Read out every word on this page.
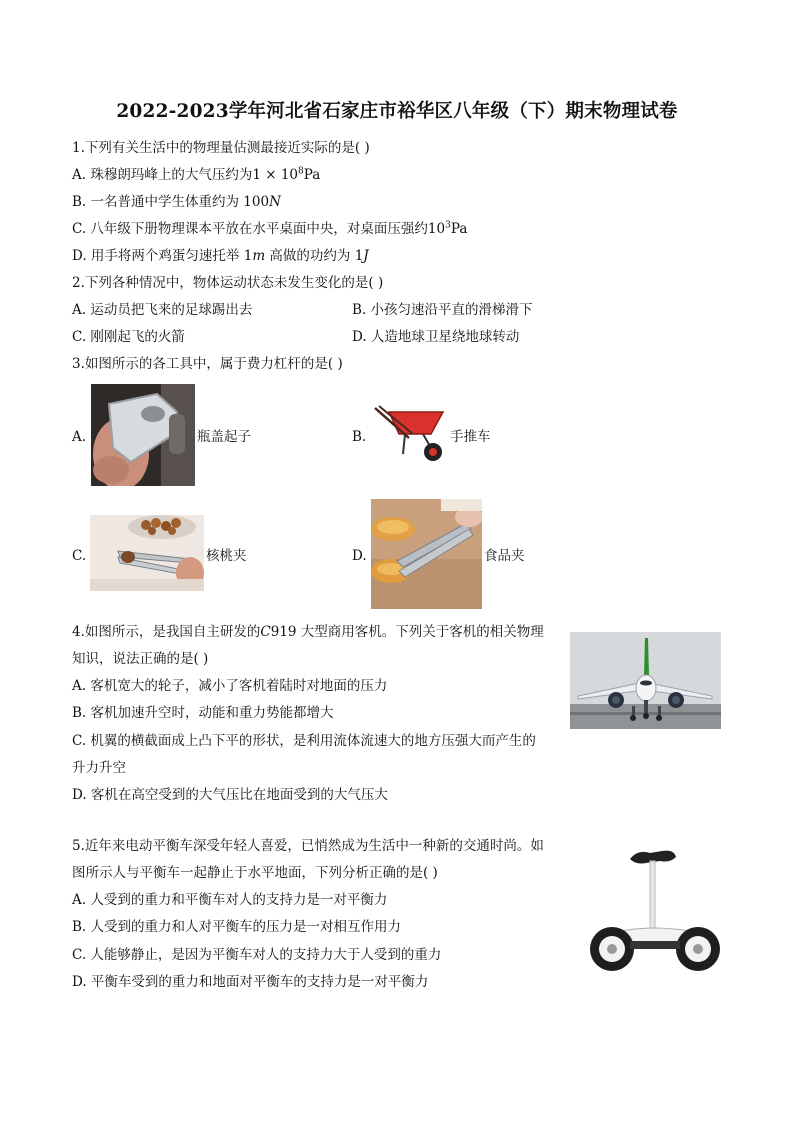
2022-2023学年河北省石家庄市裕华区八年级（下）期末物理试卷
1.下列有关生活中的物理量估测最接近实际的是( )
A. 珠穆朗玛峰上的大气压约为$1 \times 10^8Pa$
B. 一名普通中学生体重约为 100N
C. 八年级下册物理课本平放在水平桌面中央，对桌面压强约$10^3Pa$
D. 用手将两个鸡蛋匀速托举 1m 高做的功约为 1J
2.下列各种情况中，物体运动状态未发生变化的是( )
A. 运动员把飞来的足球踢出去	B. 小孩匀速沿平直的滑梯滑下
C. 刚刚起飞的火箭	D. 人造地球卫星绕地球转动
3.如图所示的各工具中，属于费力杠杆的是( )
A.	瓶盖起子	B.	手推车
C.	核桃夹	D.	食品夹
4.如图所示，是我国自主研发的C919 大型商用客机。下列关于客机的相关物理
知识，说法正确的是( )
A. 客机宽大的轮子，减小了客机着陆时对地面的压力
B. 客机加速升空时，动能和重力势能都增大
C. 机翼的横截面成上凸下平的形状，是利用流体流速大的地方压强大而产生的
升力升空
D. 客机在高空受到的大气压比在地面受到的大气压大
5.近年来电动平衡车深受年轻人喜爱，已悄然成为生活中一种新的交通时尚。如
图所示人与平衡车一起静止于水平地面，下列分析正确的是( )
A. 人受到的重力和平衡车对人的支持力是一对平衡力
B. 人受到的重力和人对平衡车的压力是一对相互作用力
C. 人能够静止，是因为平衡车对人的支持力大于人受到的重力
D. 平衡车受到的重力和地面对平衡车的支持力是一对平衡力
